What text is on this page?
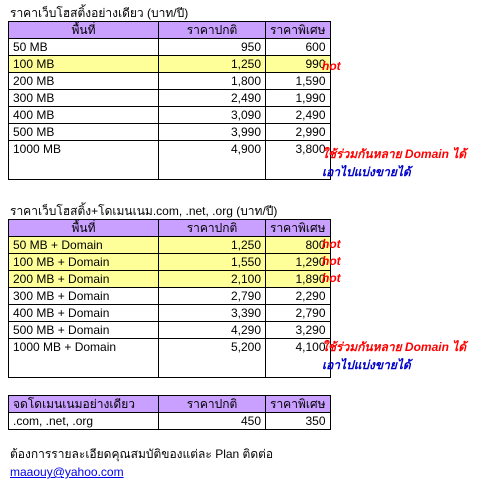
ราคาเว็บโฮสติ้งอย่างเดียว (บาท/ปี)
พื้นที่	ราคาปกติ	ราคาพิเศษ
50 MB	950	600
100 MB	1,250	990
200 MB	1,800	1,590
300 MB	2,490	1,990
400 MB	3,090	2,490
500 MB	3,990	2,990
1000 MB	4,900	3,800
hot
ใช้ร่วมกันหลาย Domain ได้
เอาไปแบ่งขายได้
ราคาเว็บโฮสติ้ง+โดเมนเนม.com, .net, .org (บาท/ปี)
พื้นที่	ราคาปกติ	ราคาพิเศษ
50 MB + Domain	1,250	800
100 MB + Domain	1,550	1,290
200 MB + Domain	2,100	1,890
300 MB + Domain	2,790	2,290
400 MB + Domain	3,390	2,790
500 MB + Domain	4,290	3,290
1000 MB + Domain	5,200	4,100
hot
hot
hot
ใช้ร่วมกันหลาย Domain ได้
เอาไปแบ่งขายได้
จดโดเมนเนมอย่างเดียว	ราคาปกติ	ราคาพิเศษ
.com, .net, .org	450	350
ต้องการรายละเอียดคุณสมบัติของแต่ละ Plan ติดต่อ
maaouy@yahoo.com
